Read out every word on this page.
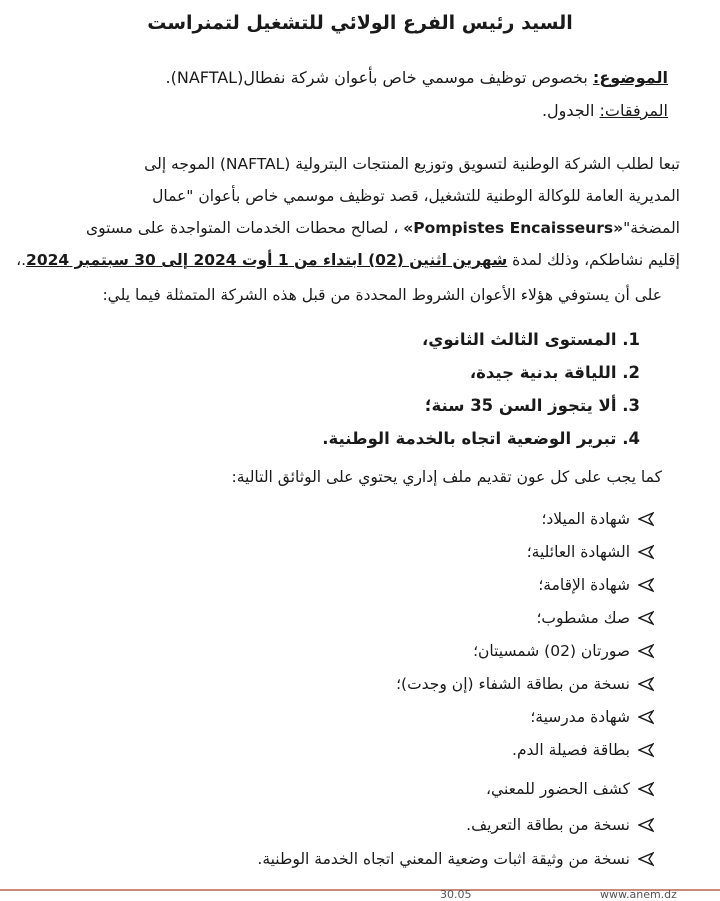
السيد رئيس الفرع الولائي للتشغيل لتمنراست
الموضوع: بخصوص توظيف موسمي خاص بأعوان شركة نفطال(NAFTAL).
المرفقات: الجدول.
تبعا لطلب الشركة الوطنية لتسويق وتوزيع المنتجات البترولية (NAFTAL) الموجه إلى
المديرية العامة للوكالة الوطنية للتشغيل، قصد توظيف موسمي خاص بأعوان "عمال
المضخة"«Pompistes Encaisseurs» ، لصالح محطات الخدمات المتواجدة على مستوى
إقليم نشاطكم، وذلك لمدة شهرين اثنين (02) ابتداء من 1 أوت 2024 إلى 30 سبتمبر 2024.،
على أن يستوفي هؤلاء الأعوان الشروط المحددة من قبل هذه الشركة المتمثلة فيما يلي:
1. المستوى الثالث الثانوي،
2. اللياقة بدنية جيدة،
3. ألا يتجوز السن 35 سنة؛
4. تبرير الوضعية اتجاه بالخدمة الوطنية.
كما يجب على كل عون تقديم ملف إداري يحتوي على الوثائق التالية:
شهادة الميلاد؛
الشهادة العائلية؛
شهادة الإقامة؛
صك مشطوب؛
صورتان (02) شمسيتان؛
نسخة من بطاقة الشفاء (إن وجدت)؛
شهادة مدرسية؛
بطاقة فصيلة الدم.
كشف الحضور للمعني،
نسخة من بطاقة التعريف.
نسخة من وثيقة اثبات وضعية المعني اتجاه الخدمة الوطنية.
30.05	www.anem.dz
